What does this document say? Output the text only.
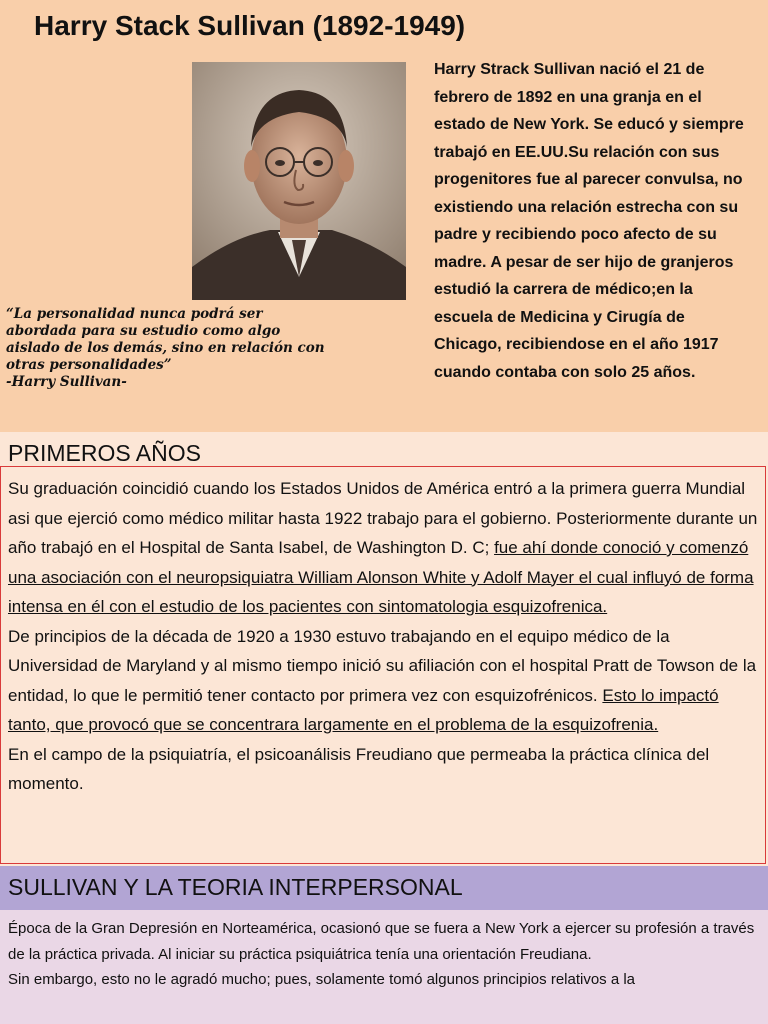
Harry Stack Sullivan (1892-1949)
Harry Strack Sullivan nació el 21 de febrero de 1892 en una granja en el estado de New York. Se educó y siempre trabajó en EE.UU.Su relación con sus progenitores fue al parecer convulsa, no existiendo una relación estrecha con su padre y recibiendo poco afecto de su madre. A pesar de ser hijo de granjeros estudió la carrera de médico;en la escuela de Medicina y Cirugía de Chicago, recibiendose en el año 1917 cuando contaba con solo 25 años.
“La personalidad nunca podrá ser abordada para su estudio como algo aislado de los demás, sino en relación con otras personalidades”
-Harry Sullivan-
PRIMEROS AÑOS

Su graduación coincidió cuando los Estados Unidos de América entró a la primera guerra Mundial asi que ejerció como médico militar hasta 1922 trabajo para el gobierno. Posteriormente durante un año trabajó en el Hospital de Santa Isabel, de Washington D. C; fue ahí donde conoció y comenzó una asociación con el neuropsiquiatra William Alonson White y Adolf Mayer el cual influyó de forma intensa en él con el estudio de los pacientes con sintomatologia esquizofrenica.

De principios de la década de 1920 a 1930 estuvo trabajando en el equipo médico de la Universidad de Maryland y al mismo tiempo inició su afiliación con el hospital Pratt de Towson de la entidad, lo que le permitió tener contacto por primera vez con esquizofrénicos. Esto lo impactó tanto, que provocó que se concentrara largamente en el problema de la esquizofrenia.

En el campo de la psiquiatría, el psicoanálisis Freudiano que permeaba la práctica clínica del momento.

SULLIVAN Y LA TEORIA INTERPERSONAL

Época de la Gran Depresión en Norteamérica, ocasionó que se fuera a New York a ejercer su profesión a través de la práctica privada. Al iniciar su práctica psiquiátrica tenía una orientación Freudiana.

Sin embargo, esto no le agradó mucho; pues, solamente tomó algunos principios relativos a la
